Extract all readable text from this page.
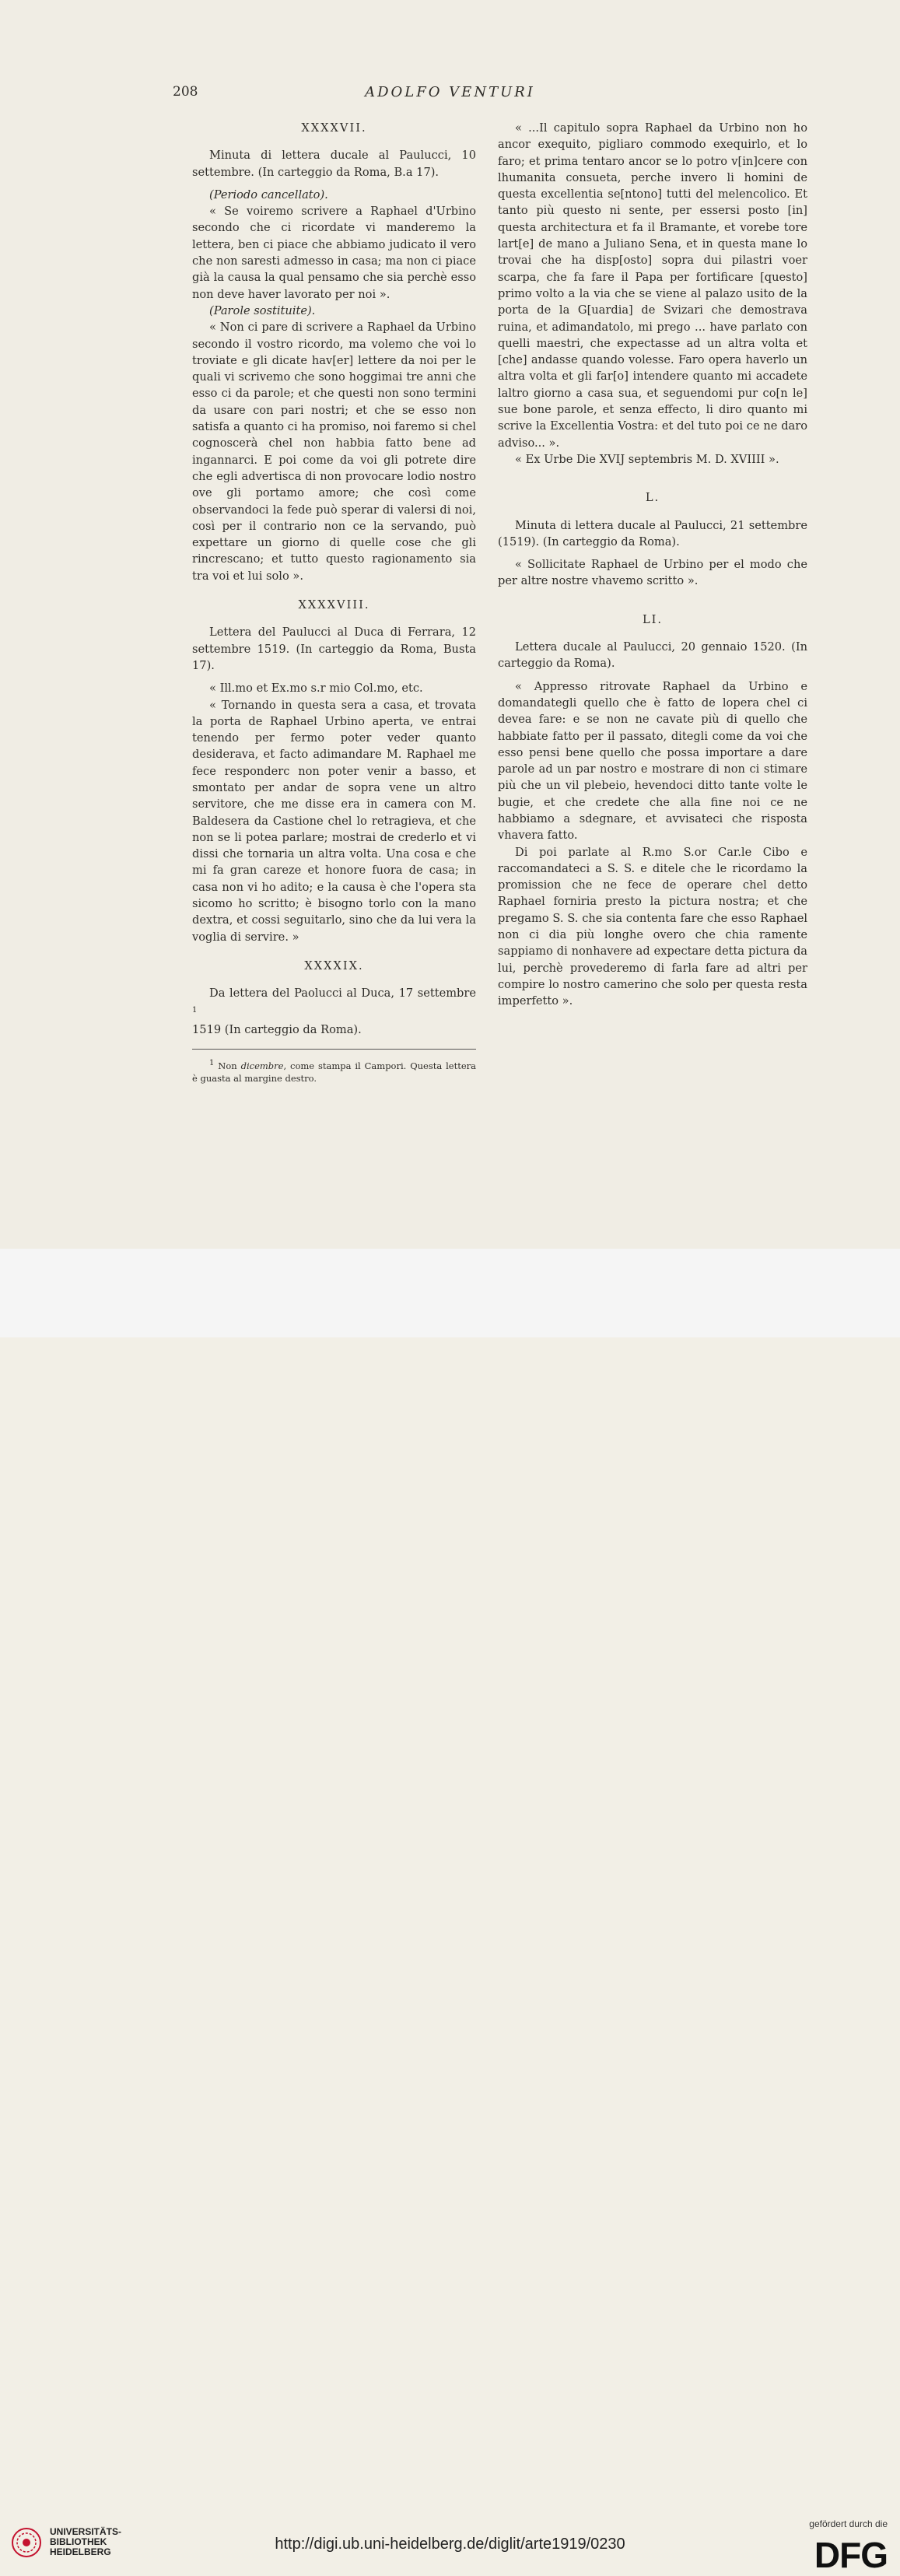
208	ADOLFO VENTURI
XXXXVII.

Minuta di lettera ducale al Paulucci, 10 settembre. (In carteggio da Roma, B.a 17).

(Periodo cancellato).

« Se voiremo scrivere a Raphael d'Urbino secondo che ci ricordate vi manderemo la lettera, ben ci piace che abbiamo judicato il vero che non saresti admesso in casa; ma non ci piace già la causa la qual pensamo che sia perchè esso non deve haver lavorato per noi ».

(Parole sostituite).

« Non ci pare di scrivere a Raphael da Urbino secondo il vostro ricordo, ma volemo che voi lo troviate e gli dicate hav[er] lettere da noi per le quali vi scrivemo che sono hoggimai tre anni che esso ci da parole; et che questi non sono termini da usare con pari nostri; et che se esso non satisfa a quanto ci ha promiso, noi faremo si chel cognoscerà chel non habbia fatto bene ad ingannarci. E poi come da voi gli potrete dire che egli advertisca di non provocare lodio nostro ove gli portamo amore; che così come observandoci la fede può sperar di valersi di noi, così per il contrario non ce la servando, può expettare un giorno di quelle cose che gli rincrescano; et tutto questo ragionamento sia tra voi et lui solo ».

XXXXVIII.

Lettera del Paulucci al Duca di Ferrara, 12 settembre 1519. (In carteggio da Roma, Busta 17).

« Ill.mo et Ex.mo s.r mio Col.mo, etc.

« Tornando in questa sera a casa, et trovata la porta de Raphael Urbino aperta, ve entrai tenendo per fermo poter veder quanto desiderava, et facto adimandare M. Raphael me fece responderc non poter venir a basso, et smontato per andar de sopra vene un altro servitore, che me disse era in camera con M. Baldesera da Castione chel lo retragieva, et che non se li potea parlare; mostrai de crederlo et vi dissi che tornaria un altra volta. Una cosa e che mi fa gran careze et honore fuora de casa; in casa non vi ho adito; e la causa è che l'opera sta sicomo ho scritto; è bisogno torlo con la mano dextra, et cossi seguitarlo, sino che da lui vera la voglia di servire. »

XXXXIX.

Da lettera del Paolucci al Duca, 17 settembre $^1$
1519 (In carteggio da Roma).

1 Non dicembre, come stampa il Campori. Questa lettera è guasta al margine destro.

« ...Il capitulo sopra Raphael da Urbino non ho ancor exequito, pigliaro commodo exequirlo, et lo faro; et prima tentaro ancor se lo potro v[in]cere con lhumanita consueta, perche invero li homini de questa excellentia se[ntono] tutti del melencolico. Et tanto più questo ni sente, per essersi posto [in] questa architectura et fa il Bramante, et vorebe tore lart[e] de mano a Juliano Sena, et in questa mane lo trovai che ha disp[osto] sopra dui pilastri voer scarpa, che fa fare il Papa per fortificare [questo] primo volto a la via che se viene al palazo usito de la porta de la G[uardia] de Svizari che demostrava ruina, et adimandatolo, mi prego ... have parlato con quelli maestri, che expectasse ad un altra volta et [che] andasse quando volesse. Faro opera haverlo un altra volta et gli far[o] intendere quanto mi accadete laltro giorno a casa sua, et seguendomi pur co[n le] sue bone parole, et senza effecto, li diro quanto mi scrive la Excellentia Vostra: et del tuto poi ce ne daro adviso... ».

« Ex Urbe Die XVIJ septembris M. D. XVIIII ».

L.

Minuta di lettera ducale al Paulucci, 21 settembre (1519). (In carteggio da Roma).

« Sollicitate Raphael de Urbino per el modo che per altre nostre vhavemo scritto ».

LI.

Lettera ducale al Paulucci, 20 gennaio 1520. (In carteggio da Roma).

« Appresso ritrovate Raphael da Urbino e domandategli quello che è fatto de lopera chel ci devea fare: e se non ne cavate più di quello che habbiate fatto per il passato, ditegli come da voi che esso pensi bene quello che possa importare a dare parole ad un par nostro e mostrare di non ci stimare più che un vil plebeio, hevendoci ditto tante volte le bugie, et che credete che alla fine noi ce ne habbiamo a sdegnare, et avvisateci che risposta vhavera fatto.

Di poi parlate al R.mo S.or Car.le Cibo e raccomandateci a S. S. e ditele che le ricordamo la promission che ne fece de operare chel detto Raphael forniria presto la pictura nostra; et che pregamo S. S. che sia contenta fare che esso Raphael non ci dia più longhe overo che chia ramente sappiamo di nonhavere ad expectare detta pictura da lui, perchè provederemo di farla fare ad altri per compire lo nostro camerino che solo per questa resta imperfetto ».

UNIVERSITÄTS-
BIBLIOTHEK
HEIDELBERG	http://digi.ub.uni-heidelberg.de/diglit/arte1919/0230
gefördert durch die
DFG
